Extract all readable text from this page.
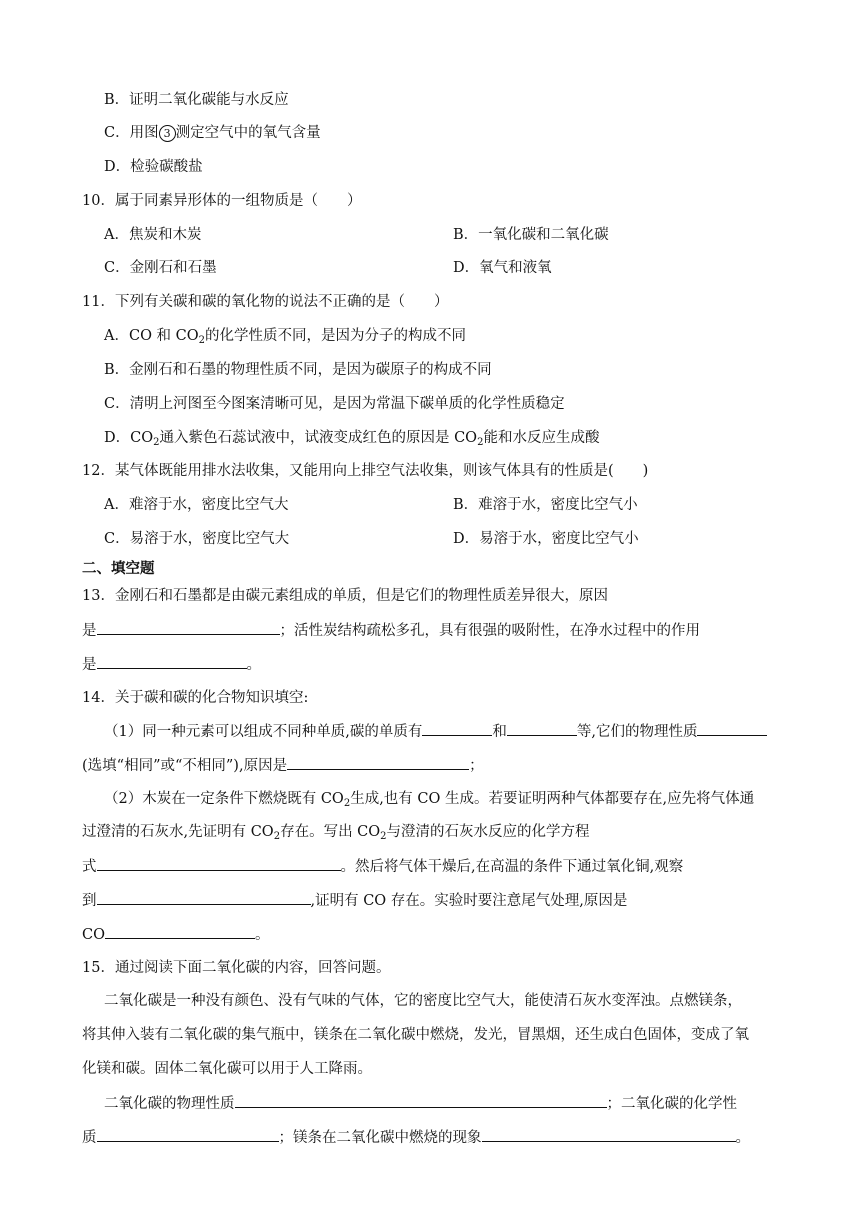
B．证明二氧化碳能与水反应
C．用图 3 测定空气中的氧气含量
D．检验碳酸盐
10．属于同素异形体的一组物质是（　　）
A．焦炭和木炭	B．一氧化碳和二氧化碳
C．金刚石和石墨	D．氧气和液氧
11．下列有关碳和碳的氧化物的说法不正确的是（　　）
A．CO 和 $CO_2$的化学性质不同，是因为分子的构成不同
B．金刚石和石墨的物理性质不同，是因为碳原子的构成不同
C．清明上河图至今图案清晰可见，是因为常温下碳单质的化学性质稳定
D．$CO_2$通入紫色石蕊试液中，试液变成红色的原因是 $CO_2$能和水反应生成酸
12．某气体既能用排水法收集，又能用向上排空气法收集，则该气体具有的性质是(　　)
A．难溶于水，密度比空气大	B．难溶于水，密度比空气小
C．易溶于水，密度比空气大	D．易溶于水，密度比空气小
二、填空题
13．金刚石和石墨都是由碳元素组成的单质，但是它们的物理性质差异很大，原因
是	；活性炭结构疏松多孔，具有很强的吸附性，在净水过程中的作用
是	。
14．关于碳和碳的化合物知识填空:
（1）同一种元素可以组成不同种单质,碳的单质有	和	等,它们的物理性质
(选填“相同”或“不相同”),原因是	；
（2）木炭在一定条件下燃烧既有 $CO_2$生成,也有 CO 生成。若要证明两种气体都要存在,应先将气体通
过澄清的石灰水,先证明有 $CO_2$存在。写出 $CO_2$与澄清的石灰水反应的化学方程
式	。然后将气体干燥后,在高温的条件下通过氧化铜,观察
到	,证明有 CO 存在。实验时要注意尾气处理,原因是
CO	。
15．通过阅读下面二氧化碳的内容，回答问题。
二氧化碳是一种没有颜色、没有气味的气体，它的密度比空气大，能使清石灰水变浑浊。点燃镁条，
将其伸入装有二氧化碳的集气瓶中，镁条在二氧化碳中燃烧，发光，冒黑烟，还生成白色固体，变成了氧
化镁和碳。固体二氧化碳可以用于人工降雨。
二氧化碳的物理性质	；二氧化碳的化学性
质	；镁条在二氧化碳中燃烧的现象	。
